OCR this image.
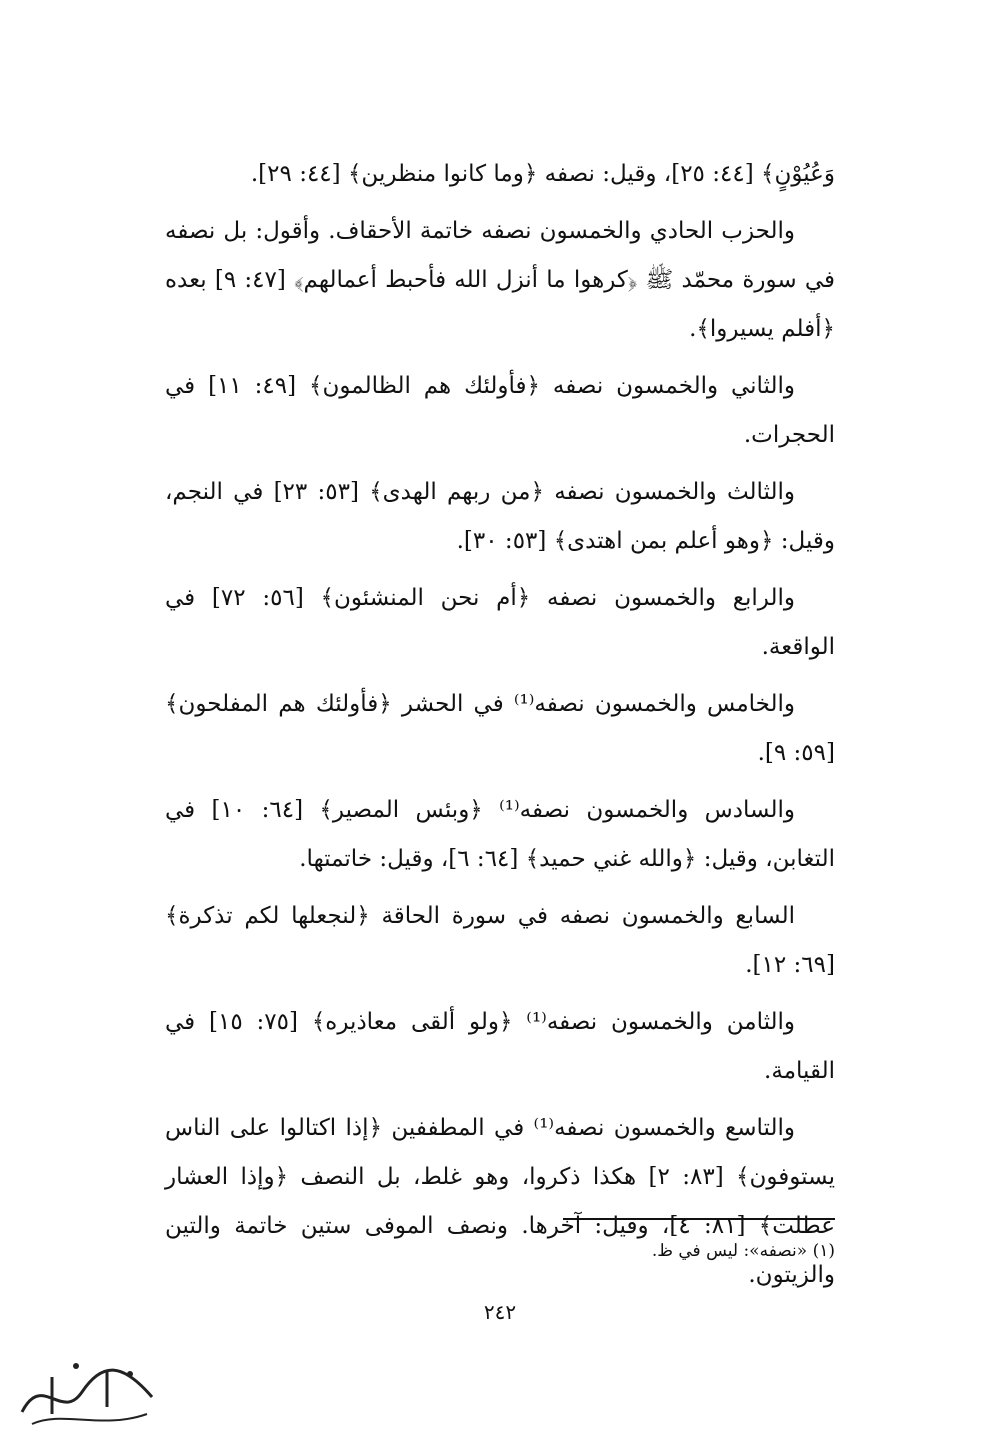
وَعُيُوْنٍ﴾ [٤٤: ٢٥]، وقيل: نصفه ﴿وما كانوا منظرين﴾ [٤٤: ٢٩].

والحزب الحادي والخمسون نصفه خاتمة الأحقاف. وأقول: بل نصفه في سورة محمّد ﷺ ﴿كرهوا ما أنزل الله فأحبط أعمالهم﴾ [٤٧: ٩] بعده ﴿أفلم يسيروا﴾.

والثاني والخمسون نصفه ﴿فأولئك هم الظالمون﴾ [٤٩: ١١] في الحجرات.

والثالث والخمسون نصفه ﴿من ربهم الهدى﴾ [٥٣: ٢٣] في النجم، وقيل: ﴿وهو أعلم بمن اهتدى﴾ [٥٣: ٣٠].

والرابع والخمسون نصفه ﴿أم نحن المنشئون﴾ [٥٦: ٧٢] في الواقعة.

والخامس والخمسون نصفه⁽¹⁾ في الحشر ﴿فأولئك هم المفلحون﴾ [٥٩: ٩].

والسادس والخمسون نصفه⁽¹⁾ ﴿وبئس المصير﴾ [٦٤: ١٠] في التغابن، وقيل: ﴿والله غني حميد﴾ [٦٤: ٦]، وقيل: خاتمتها.

السابع والخمسون نصفه في سورة الحاقة ﴿لنجعلها لكم تذكرة﴾ [٦٩: ١٢].

والثامن والخمسون نصفه⁽¹⁾ ﴿ولو ألقى معاذيره﴾ [٧٥: ١٥] في القيامة.

والتاسع والخمسون نصفه⁽¹⁾ في المطففين ﴿إذا اكتالوا على الناس يستوفون﴾ [٨٣: ٢] هكذا ذكروا، وهو غلط، بل النصف ﴿وإذا العشار عطلت﴾ [٨١: ٤]، وقيل: آخرها. ونصف الموفى ستين خاتمة والتين والزيتون.

(١) «نصفه»: ليس في ظ.
٢٤٢
